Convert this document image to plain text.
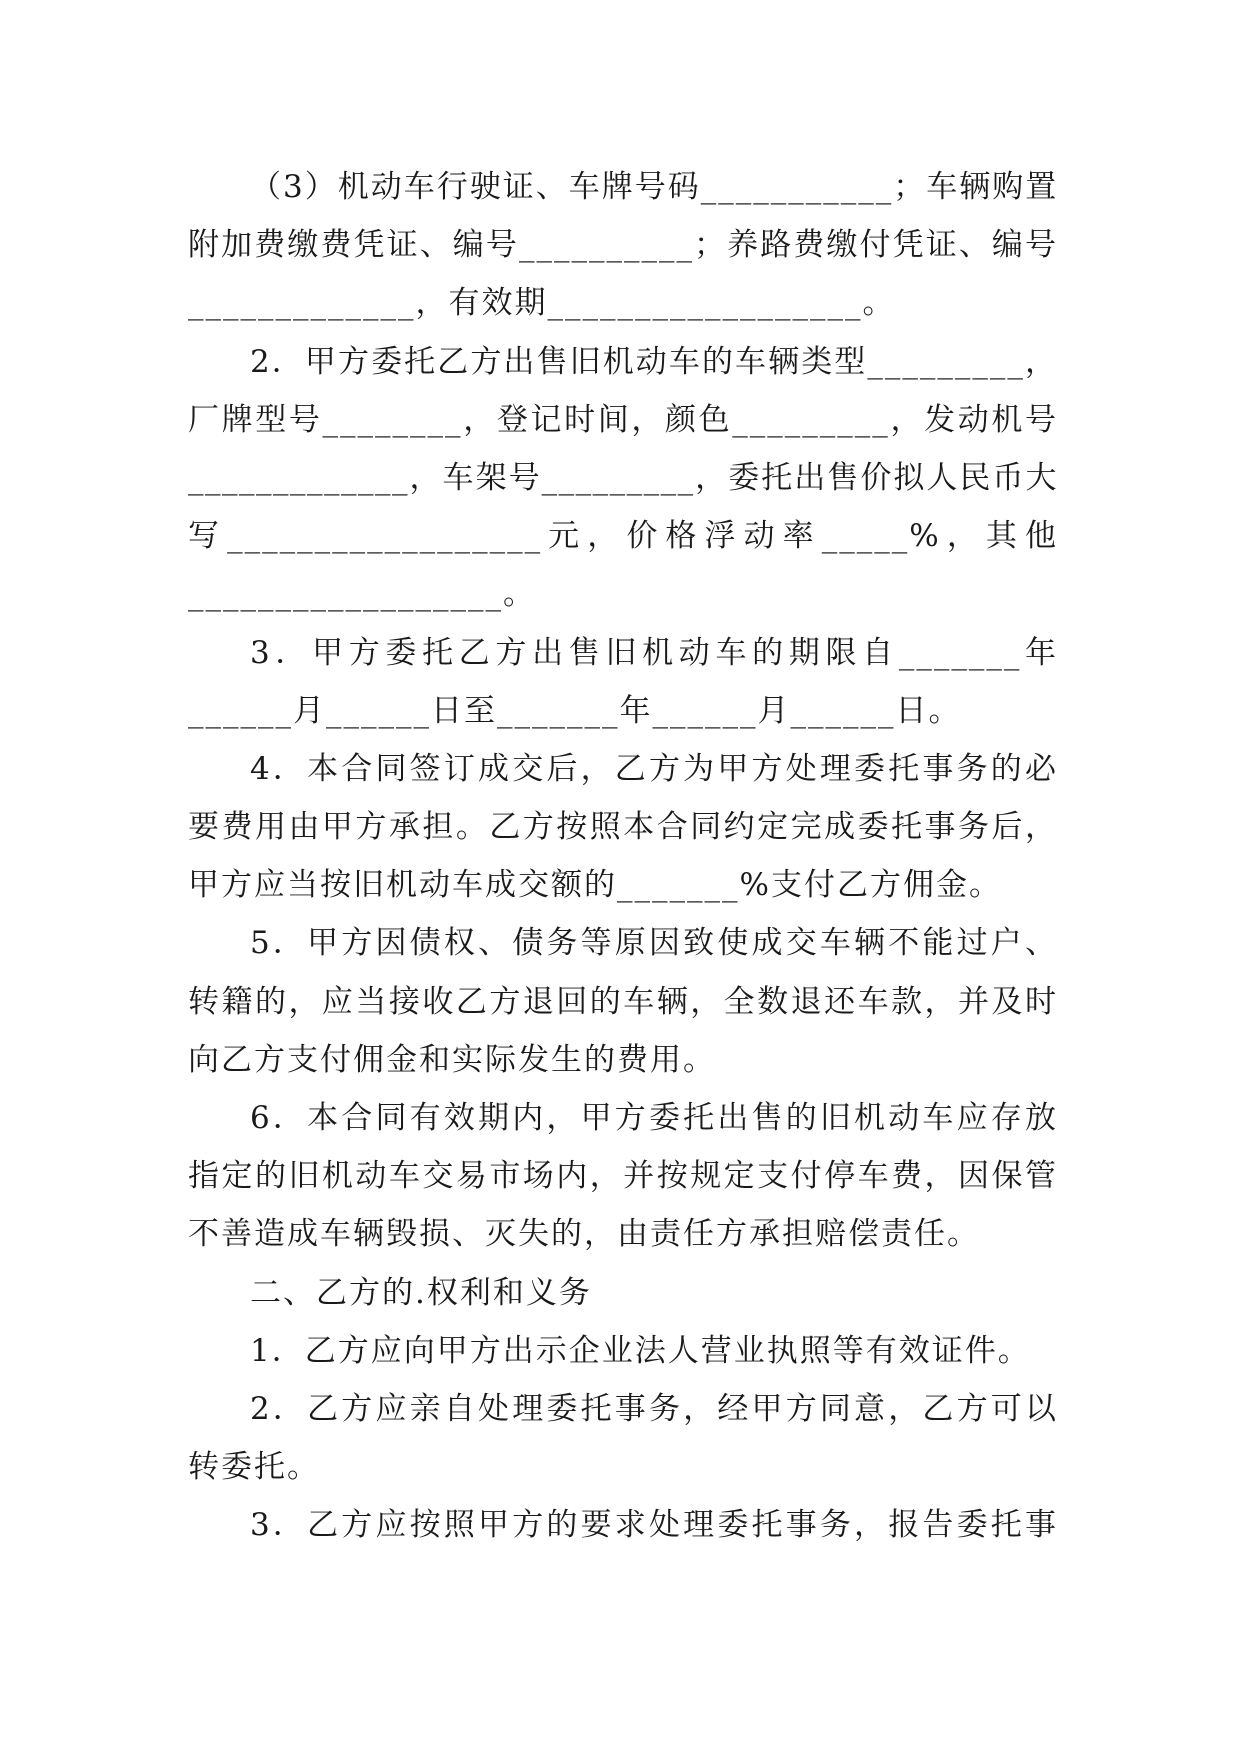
（3）机动车行驶证、车牌号码___________；车辆购置
附加费缴费凭证、编号__________；养路费缴付凭证、编号
_____________，有效期__________________。
2．甲方委托乙方出售旧机动车的车辆类型_________，
厂牌型号________，登记时间，颜色_________，发动机号
_____________，车架号_________，委托出售价拟人民币大
写__________________元，价格浮动率_____%，其他
__________________。
3．甲方委托乙方出售旧机动车的期限自_______年
______月______日至_______年______月______日。
4．本合同签订成交后，乙方为甲方处理委托事务的必
要费用由甲方承担。乙方按照本合同约定完成委托事务后，
甲方应当按旧机动车成交额的_______%支付乙方佣金。
5．甲方因债权、债务等原因致使成交车辆不能过户、
转籍的，应当接收乙方退回的车辆，全数退还车款，并及时
向乙方支付佣金和实际发生的费用。
6．本合同有效期内，甲方委托出售的旧机动车应存放
指定的旧机动车交易市场内，并按规定支付停车费，因保管
不善造成车辆毁损、灭失的，由责任方承担赔偿责任。
二、乙方的.权利和义务
1．乙方应向甲方出示企业法人营业执照等有效证件。
2．乙方应亲自处理委托事务，经甲方同意，乙方可以
转委托。
3．乙方应按照甲方的要求处理委托事务，报告委托事
